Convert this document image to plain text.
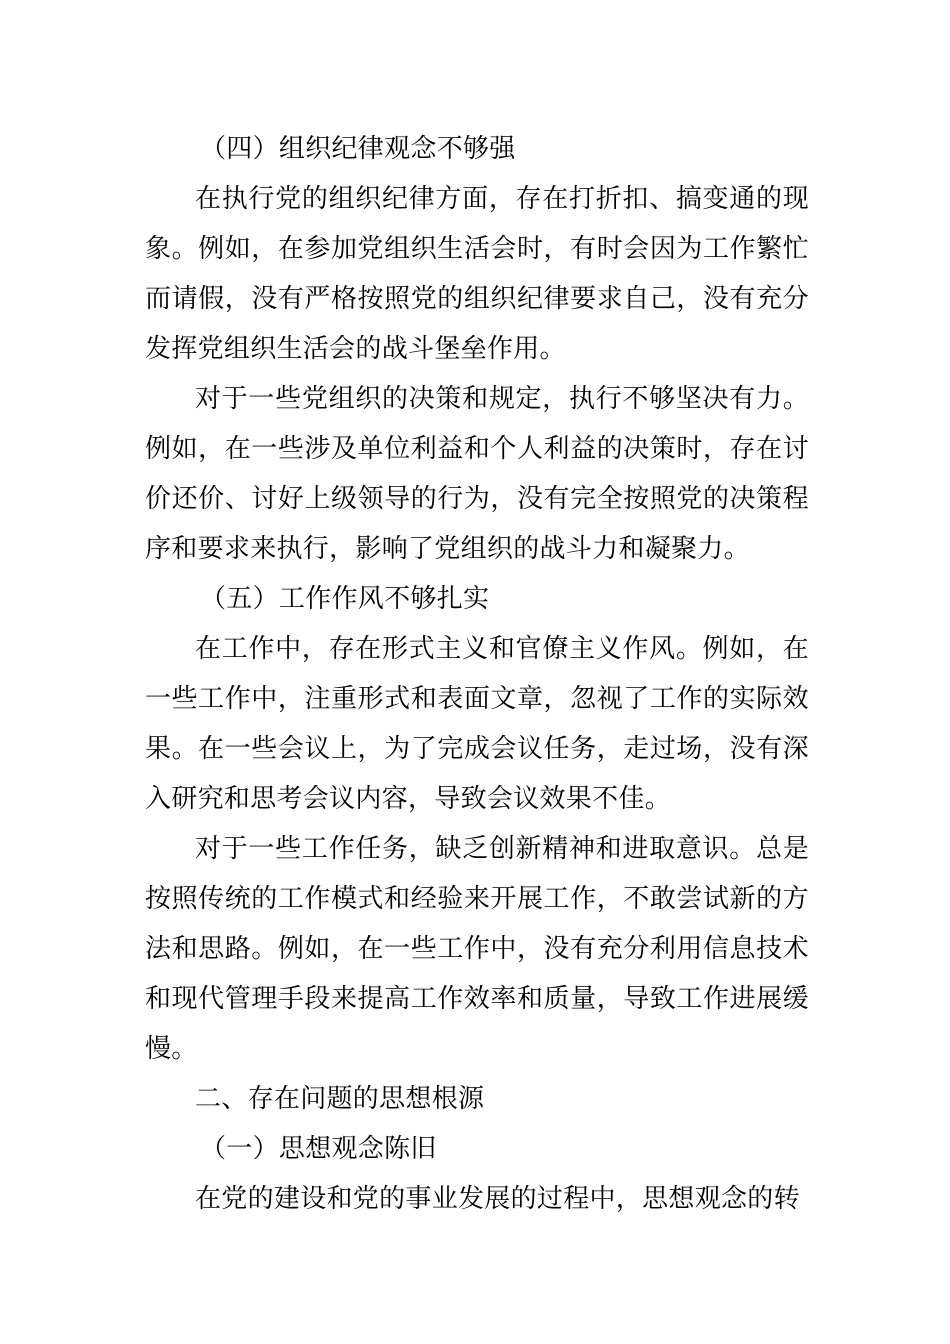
（四）组织纪律观念不够强

在执行党的组织纪律方面，存在打折扣、搞变通的现象。例如，在参加党组织生活会时，有时会因为工作繁忙而请假，没有严格按照党的组织纪律要求自己，没有充分发挥党组织生活会的战斗堡垒作用。

对于一些党组织的决策和规定，执行不够坚决有力。例如，在一些涉及单位利益和个人利益的决策时，存在讨价还价、讨好上级领导的行为，没有完全按照党的决策程序和要求来执行，影响了党组织的战斗力和凝聚力。

（五）工作作风不够扎实

在工作中，存在形式主义和官僚主义作风。例如，在一些工作中，注重形式和表面文章，忽视了工作的实际效果。在一些会议上，为了完成会议任务，走过场，没有深入研究和思考会议内容，导致会议效果不佳。

对于一些工作任务，缺乏创新精神和进取意识。总是按照传统的工作模式和经验来开展工作，不敢尝试新的方法和思路。例如，在一些工作中，没有充分利用信息技术和现代管理手段来提高工作效率和质量，导致工作进展缓慢。

二、存在问题的思想根源

（一）思想观念陈旧

在党的建设和党的事业发展的过程中，思想观念的转
